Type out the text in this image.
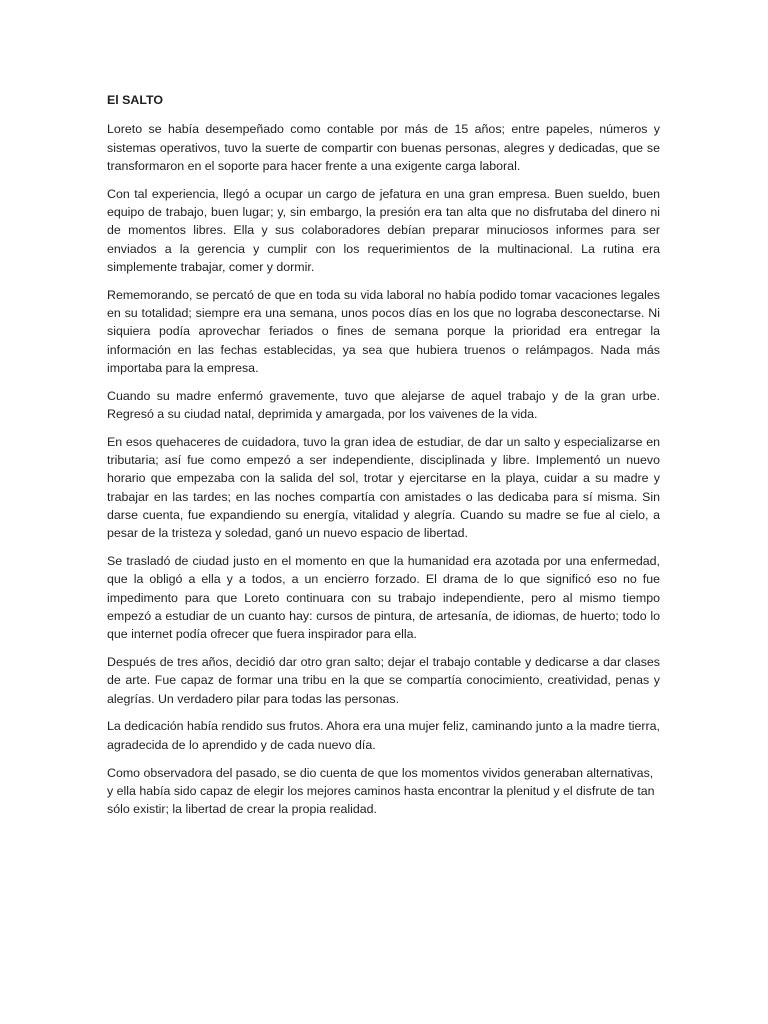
El SALTO

Loreto se había desempeñado como contable por más de 15 años; entre papeles, números y sistemas operativos, tuvo la suerte de compartir con buenas personas, alegres y dedicadas, que se transformaron en el soporte para hacer frente a una exigente carga laboral.

Con tal experiencia, llegó a ocupar un cargo de jefatura en una gran empresa. Buen sueldo, buen equipo de trabajo, buen lugar; y, sin embargo, la presión era tan alta que no disfrutaba del dinero ni de momentos libres. Ella y sus colaboradores debían preparar minuciosos informes para ser enviados a la gerencia y cumplir con los requerimientos de la multinacional. La rutina era simplemente trabajar, comer y dormir.

Rememorando, se percató de que en toda su vida laboral no había podido tomar vacaciones legales en su totalidad; siempre era una semana, unos pocos días en los que no lograba desconectarse. Ni siquiera podía aprovechar feriados o fines de semana porque la prioridad era entregar la información en las fechas establecidas, ya sea que hubiera truenos o relámpagos. Nada más importaba para la empresa.

Cuando su madre enfermó gravemente, tuvo que alejarse de aquel trabajo y de la gran urbe. Regresó a su ciudad natal, deprimida y amargada, por los vaivenes de la vida.

En esos quehaceres de cuidadora, tuvo la gran idea de estudiar, de dar un salto y especializarse en tributaria; así fue como empezó a ser independiente, disciplinada y libre. Implementó un nuevo horario que empezaba con la salida del sol, trotar y ejercitarse en la playa, cuidar a su madre y trabajar en las tardes; en las noches compartía con amistades o las dedicaba para sí misma. Sin darse cuenta, fue expandiendo su energía, vitalidad y alegría. Cuando su madre se fue al cielo, a pesar de la tristeza y soledad, ganó un nuevo espacio de libertad.

Se trasladó de ciudad justo en el momento en que la humanidad era azotada por una enfermedad, que la obligó a ella y a todos, a un encierro forzado. El drama de lo que significó eso no fue impedimento para que Loreto continuara con su trabajo independiente, pero al mismo tiempo empezó a estudiar de un cuanto hay: cursos de pintura, de artesanía, de idiomas, de huerto; todo lo que internet podía ofrecer que fuera inspirador para ella.

Después de tres años, decidió dar otro gran salto; dejar el trabajo contable y dedicarse a dar clases de arte. Fue capaz de formar una tribu en la que se compartía conocimiento, creatividad, penas y alegrías. Un verdadero pilar para todas las personas.

La dedicación había rendido sus frutos. Ahora era una mujer feliz, caminando junto a la madre tierra, agradecida de lo aprendido y de cada nuevo día.

Como observadora del pasado, se dio cuenta de que los momentos vividos generaban alternativas, y ella había sido capaz de elegir los mejores caminos hasta encontrar la plenitud y el disfrute de tan sólo existir; la libertad de crear la propia realidad.
